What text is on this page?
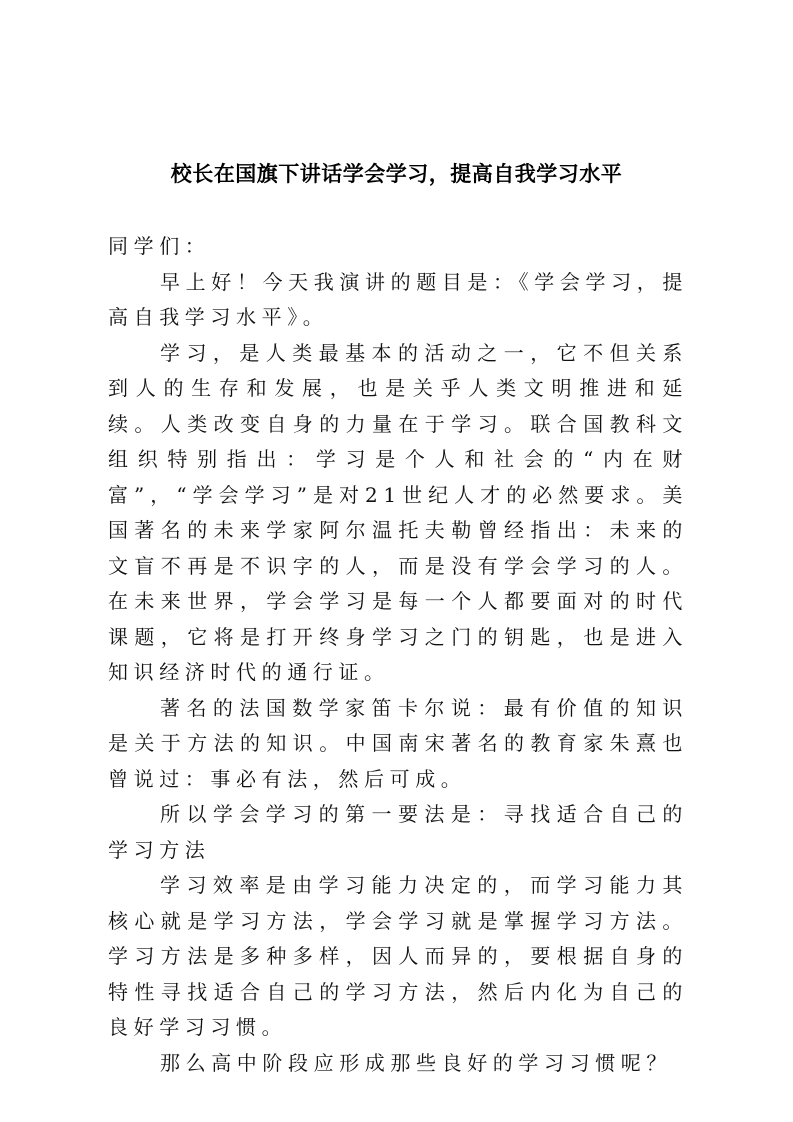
校长在国旗下讲话学会学习，提高自我学习水平

同学们：

早上好！今天我演讲的题目是：《学会学习，提高自我学习水平》。

学习，是人类最基本的活动之一，它不但关系到人的生存和发展，也是关乎人类文明推进和延续。人类改变自身的力量在于学习。联合国教科文组织特别指出：学习是个人和社会的“内在财富”，“学会学习”是对21世纪人才的必然要求。美国著名的未来学家阿尔温托夫勒曾经指出：未来的文盲不再是不识字的人，而是没有学会学习的人。在未来世界，学会学习是每一个人都要面对的时代课题，它将是打开终身学习之门的钥匙，也是进入知识经济时代的通行证。

著名的法国数学家笛卡尔说：最有价值的知识是关于方法的知识。中国南宋著名的教育家朱熹也曾说过：事必有法，然后可成。

所以学会学习的第一要法是：寻找适合自己的学习方法

学习效率是由学习能力决定的，而学习能力其核心就是学习方法，学会学习就是掌握学习方法。学习方法是多种多样，因人而异的，要根据自身的特性寻找适合自己的学习方法，然后内化为自己的良好学习习惯。

那么高中阶段应形成那些良好的学习习惯呢？
